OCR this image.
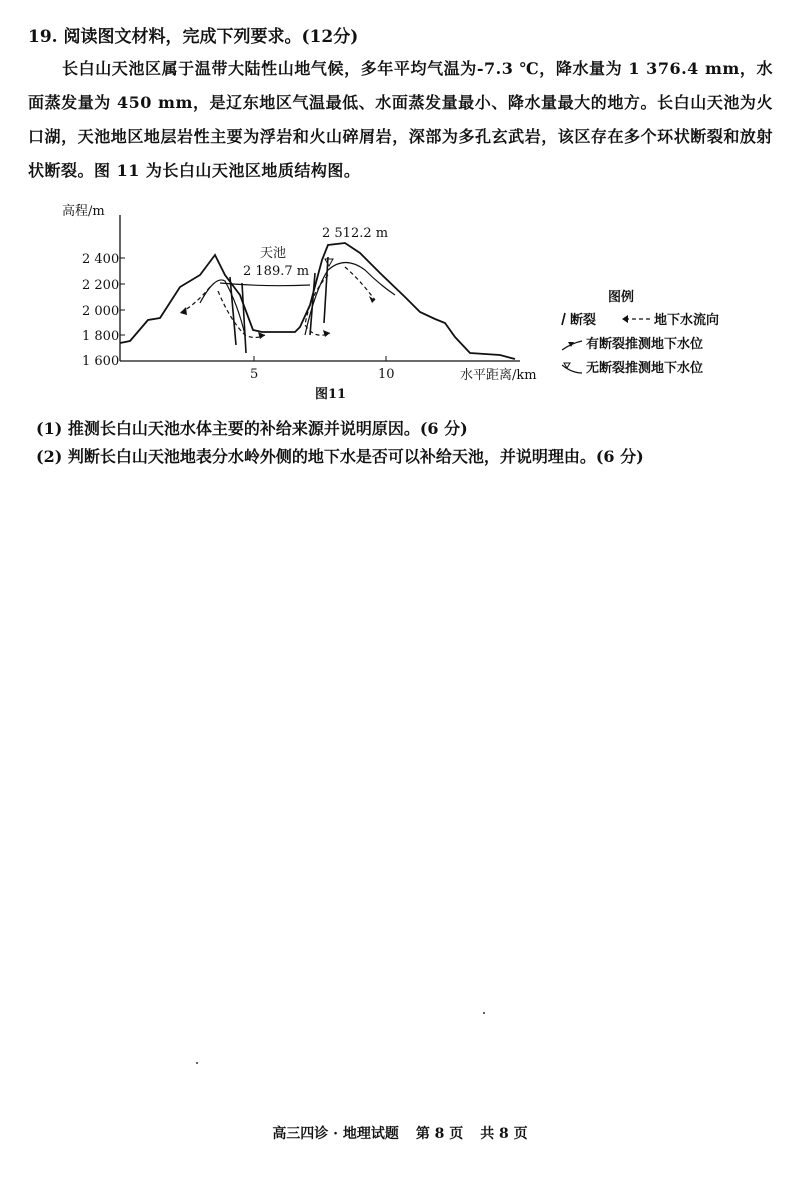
19. 阅读图文材料，完成下列要求。(12分)
长白山天池区属于温带大陆性山地气候，多年平均气温为-7.3 ℃，降水量为 1 376.4 mm，水面蒸发量为 450 mm，是辽东地区气温最低、水面蒸发量最小、降水量最大的地方。长白山天池为火口湖，天池地区地层岩性主要为浮岩和火山碎屑岩，深部为多孔玄武岩，该区存在多个环状断裂和放射状断裂。图 11 为长白山天池区地质结构图。
高程/m
2 400
2 200
2 000
1 800
1 600
5	10	水平距离/km
图11
天池
2 189.7 m
2 512.2 m
图例
断裂	地下水流向
有断裂推测地下水位
无断裂推测地下水位
(1) 推测长白山天池水体主要的补给来源并说明原因。(6 分)
(2) 判断长白山天池地表分水岭外侧的地下水是否可以补给天池，并说明理由。(6 分)
高三四诊 · 地理试题 第 8 页 共 8 页
